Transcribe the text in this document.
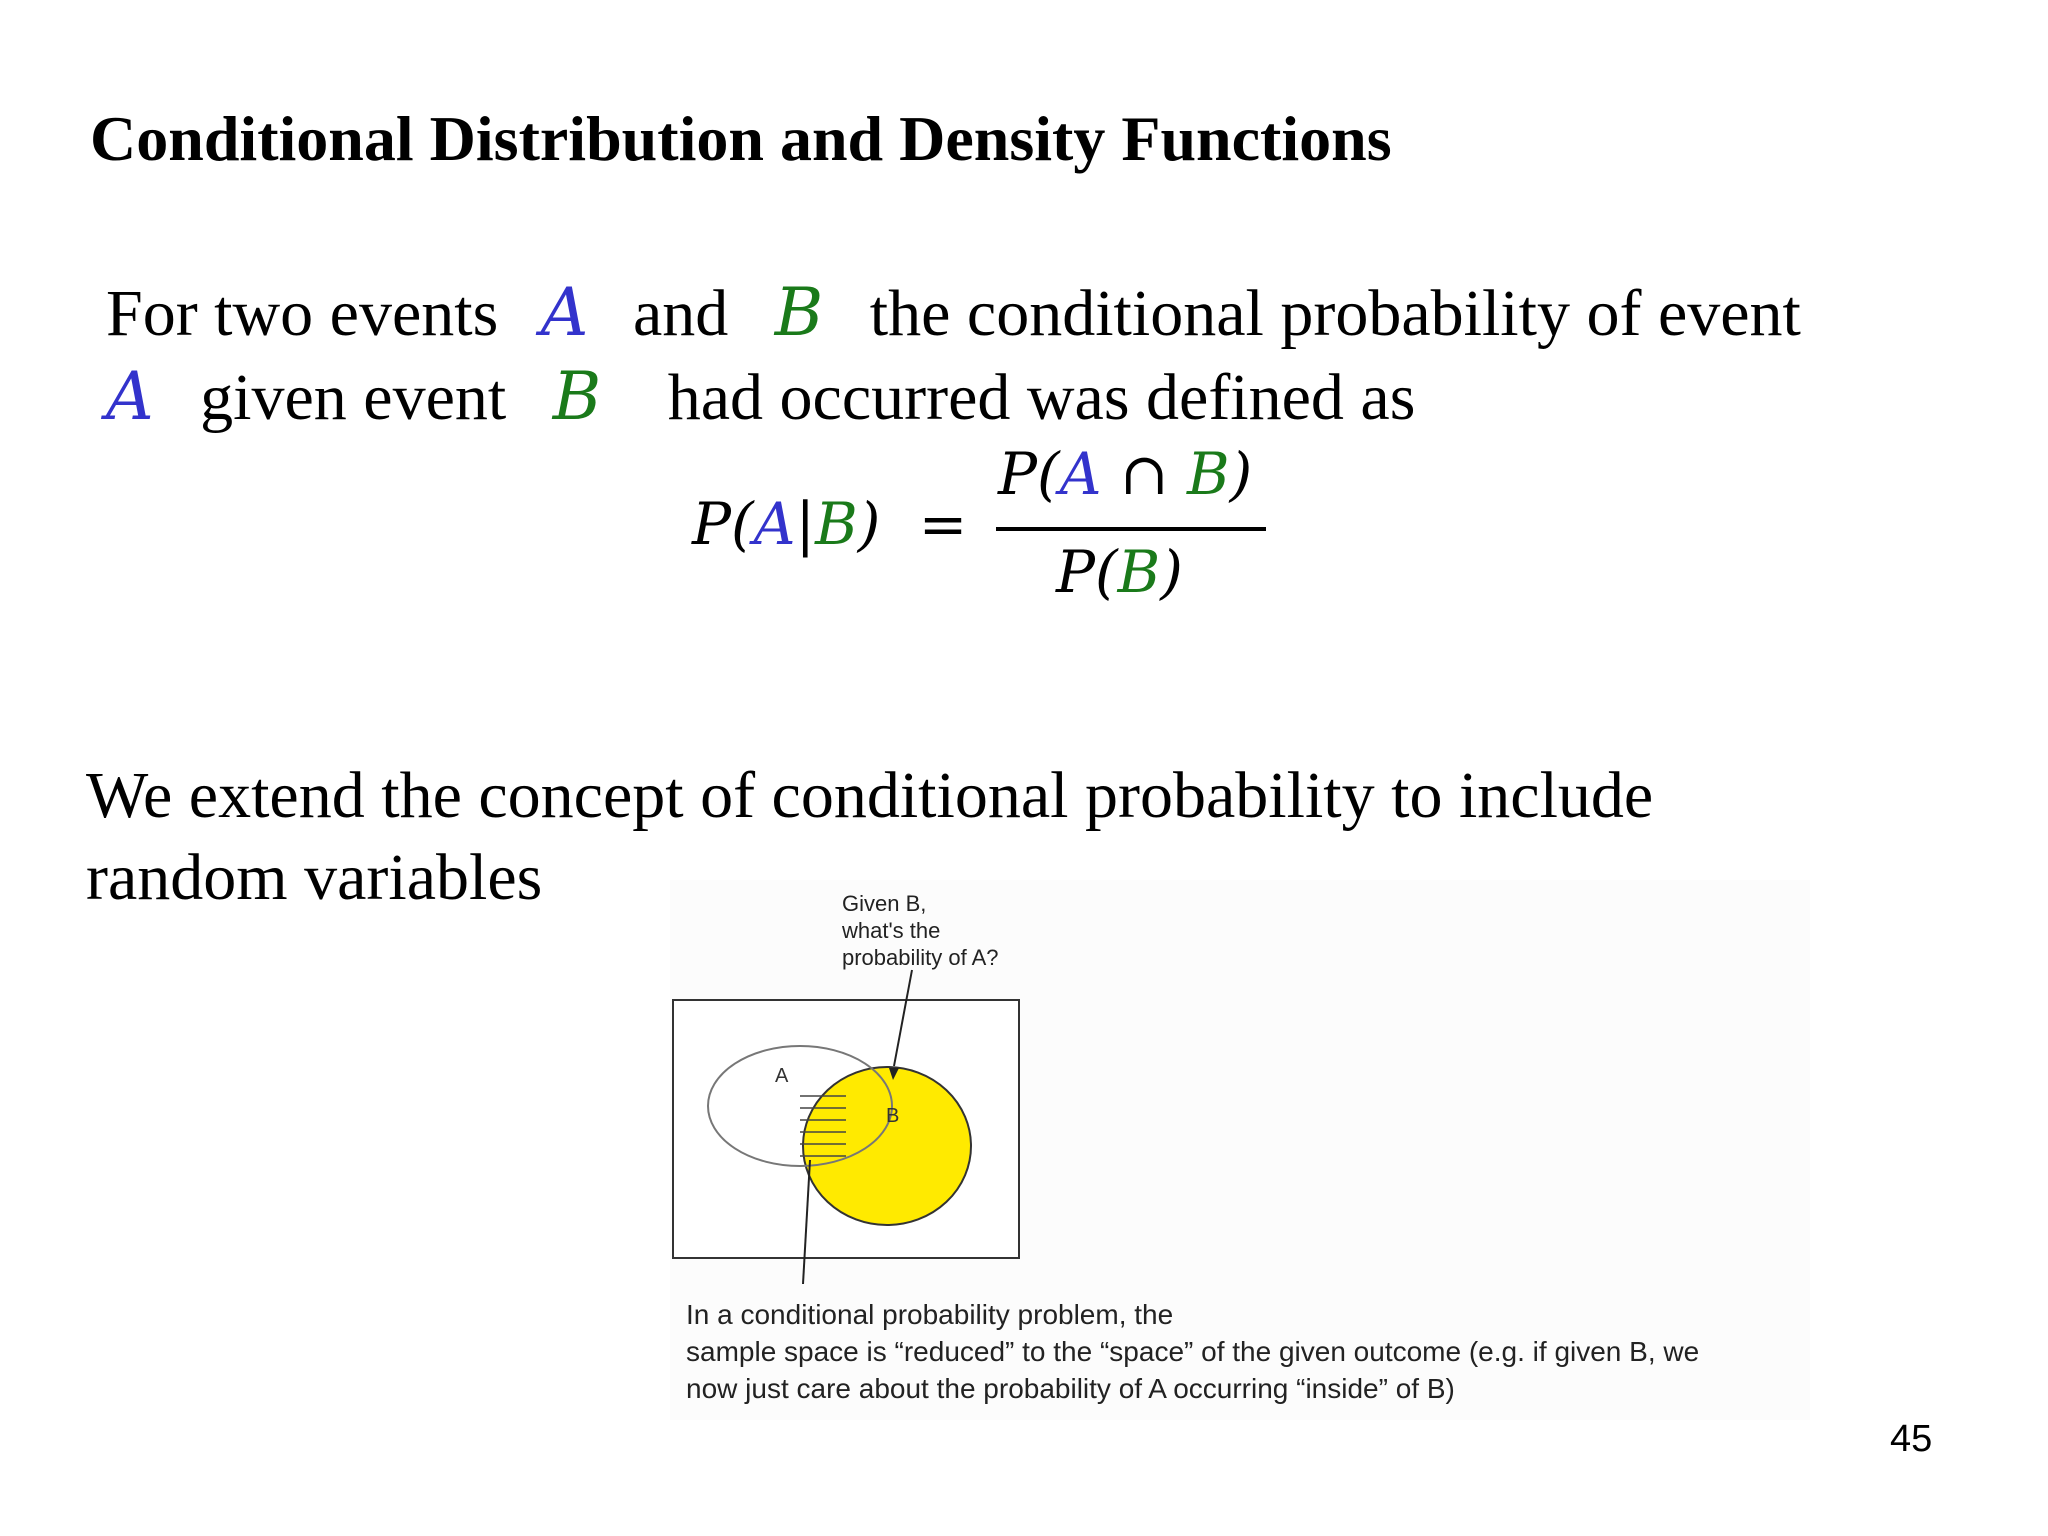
Conditional Distribution and Density Functions
For two events A and B the conditional probability of event
A given event B had occurred was defined as
P(A|B) =
P(A ∩ B)
P(B)
We extend the concept of conditional probability to include
random variables	Given B,
what's the
probability of A?
A
B
In a conditional probability problem, the
sample space is “reduced” to the “space” of the given outcome (e.g. if given B, we
now just care about the probability of A occurring “inside” of B)
45
